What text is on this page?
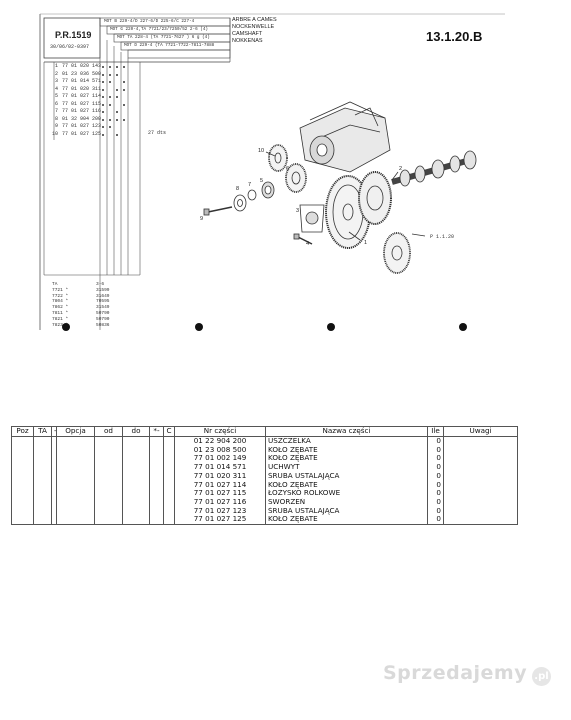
10
6
5
8
7
9
3
4	1
2
P.R.1519
30/06/02-0397
ARBRE A CAMES
NOCKENWELLE
CAMSHAFT
NOKKENAS
MOT B 229-4/D 227-6/D 225-6/C 227-4
MOT G 220-4,TA 7721/23/7250/52 2-6 (4)
MOT TA 228-4 (TA 7721-7627 ) 6 g (4)
MOT D 229-4 (TA 7721-7722-7811-7888
13.1.20.B
1 77 01 020 143
2 01 23 036 500
3 77 01 014 571
4 77 01 020 311
5 77 01 027 114
6 77 01 027 115
7 77 01 027 116
8 01 32 904 200
9 77 01 027 123
10 77 01 027 125	27 dts
P 1.1.20
TA	3-6
7721 *	31599
7722 *	31649
7804 *	70595
7862 *	31549
7811 *	50790
7821 *	50790
7823 *	50836
Poz	TA	-	Opcja	od	do	*-	C	Nr części	Nazwa części	Ile	Uwagi
								01 22 904 200	USZCZELKA	0	
								01 23 008 500	KOŁO ZĘBATE	0	
								77 01 002 149	KOŁO ZĘBATE	0	
								77 01 014 571	UCHWYT	0	
								77 01 020 311	ŚRUBA USTALAJĄCA	0	
								77 01 027 114	KOŁO ZĘBATE	0	
								77 01 027 115	ŁOŻYSKO ROLKOWE	0	
								77 01 027 116	SWORZEŃ	0	
								77 01 027 123	ŚRUBA USTALAJĄCA	0	
								77 01 027 125	KOŁO ZĘBATE	0	
Sprzedajemy .pl
